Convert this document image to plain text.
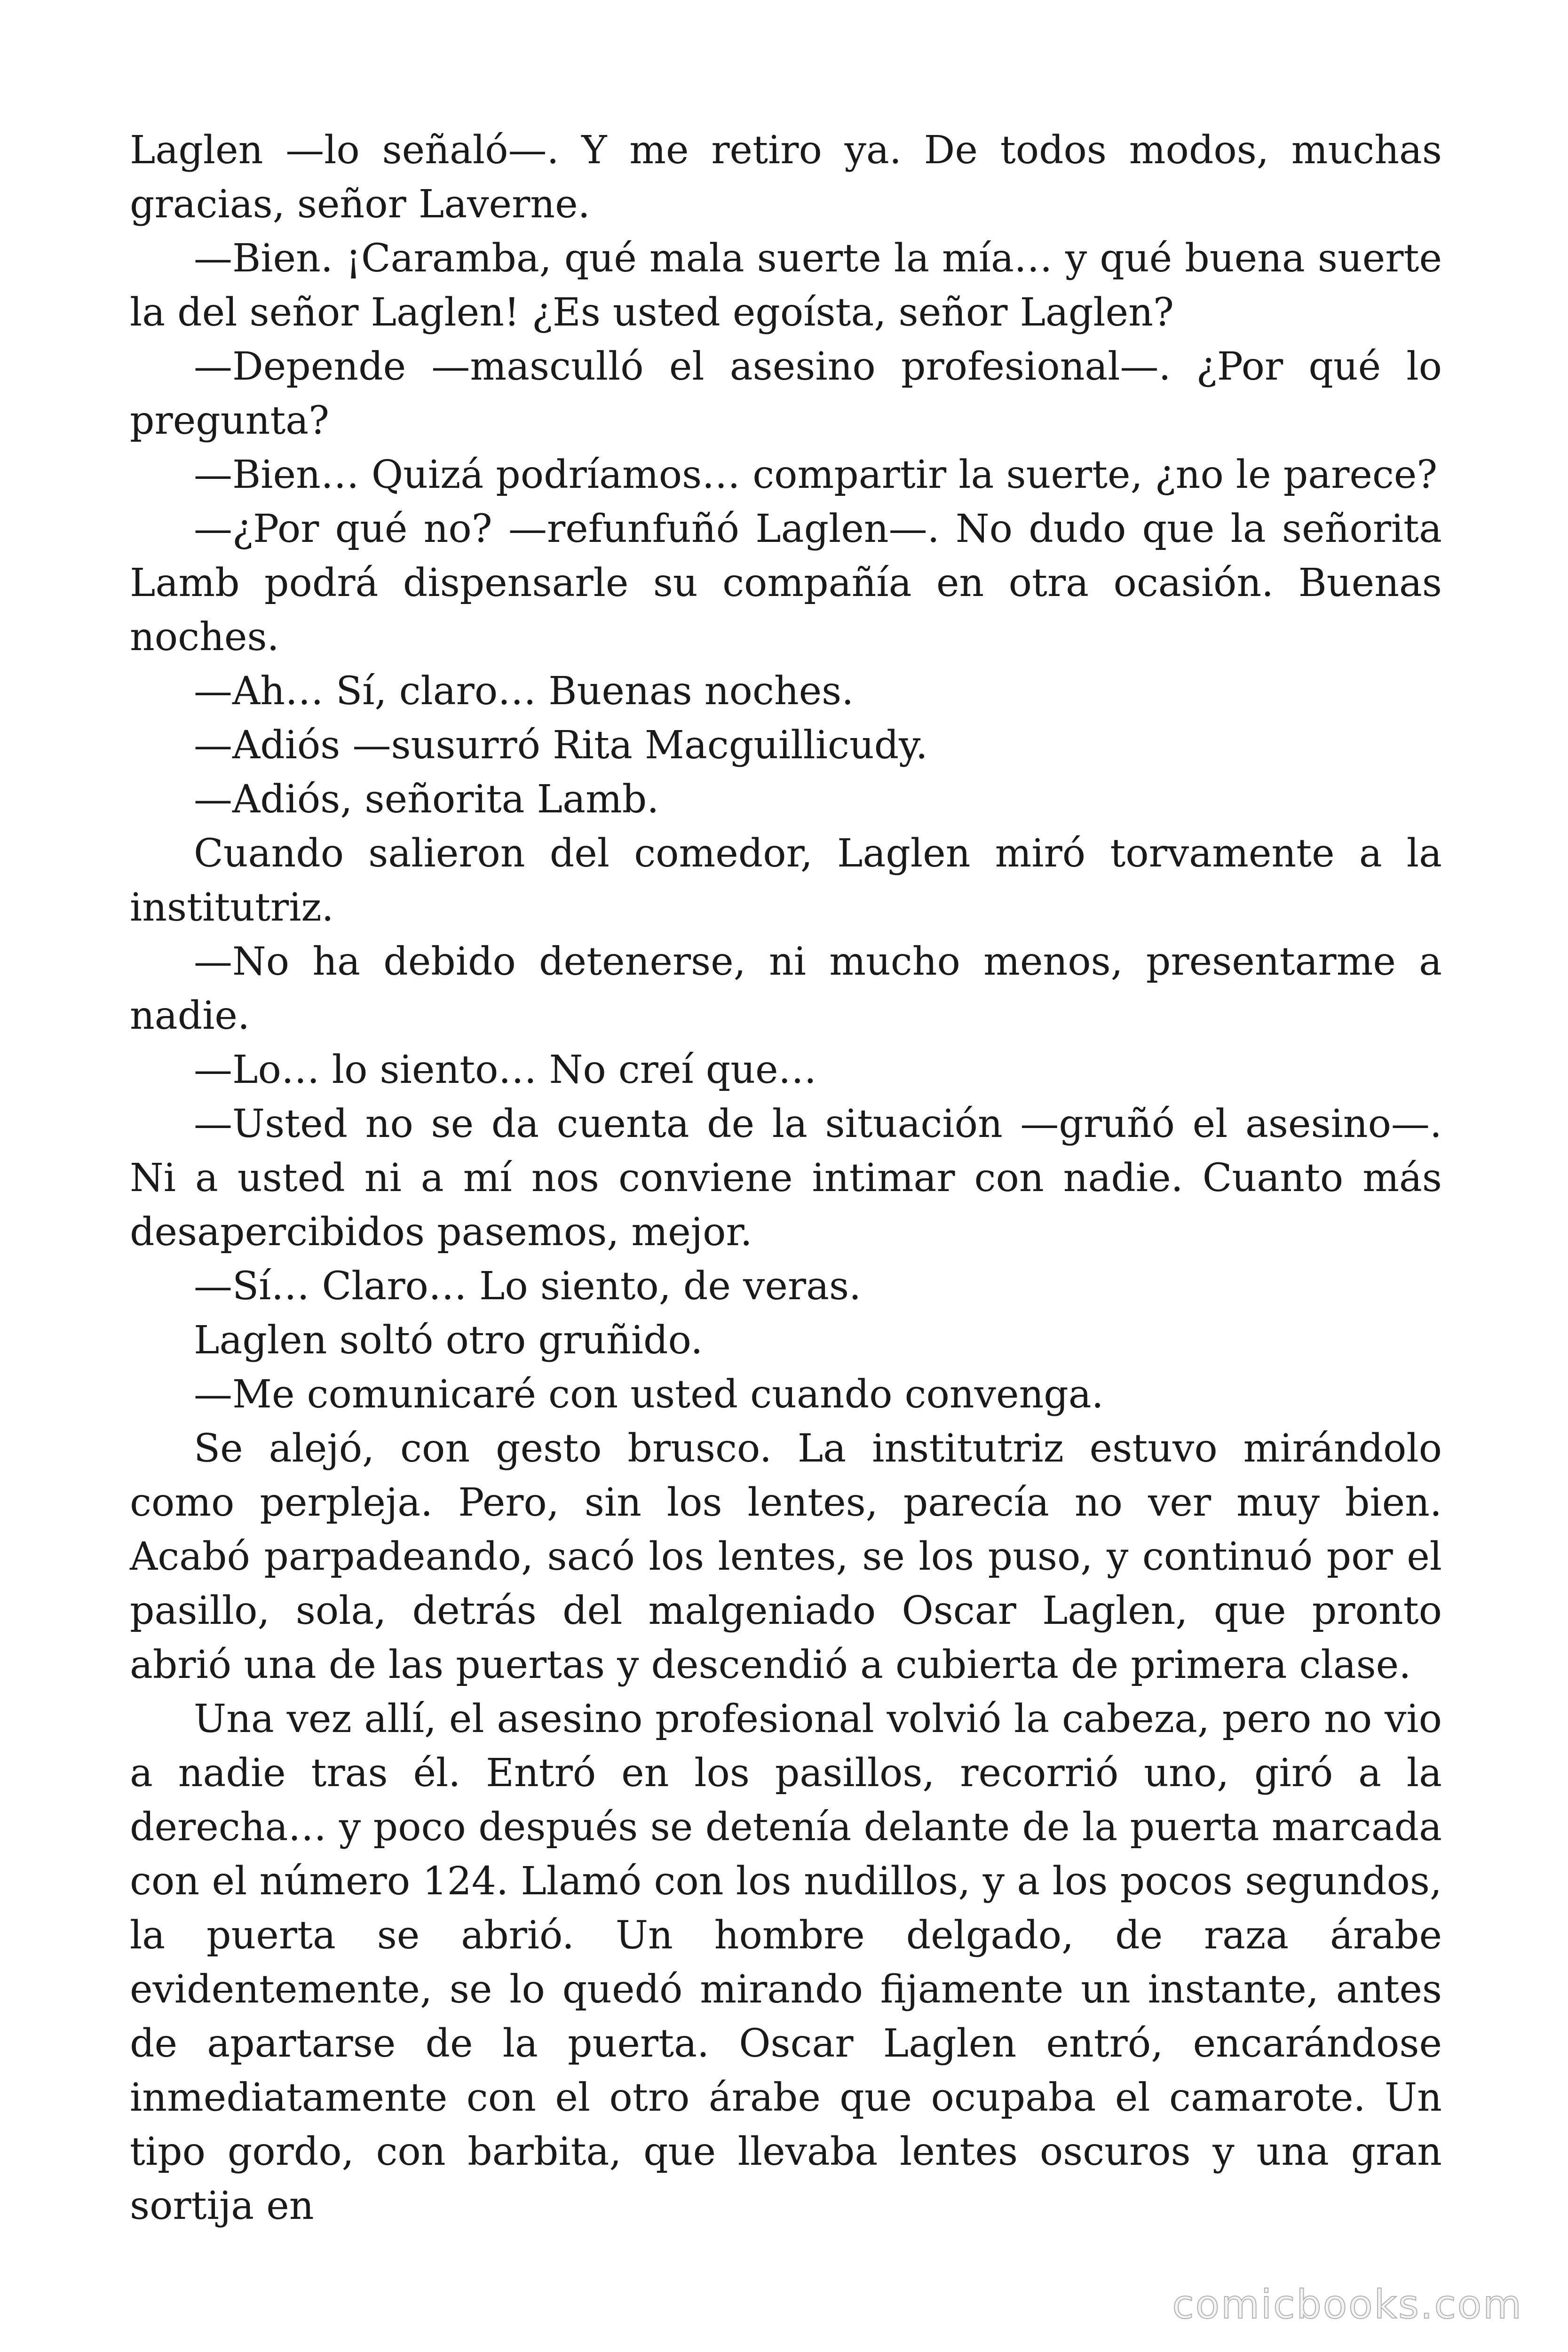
Laglen —lo señaló—. Y me retiro ya. De todos modos, muchas gracias, señor Laverne.

—Bien. ¡Caramba, qué mala suerte la mía… y qué buena suerte la del señor Laglen! ¿Es usted egoísta, señor Laglen?

—Depende —masculló el asesino profesional—. ¿Por qué lo pregunta?

—Bien… Quizá podríamos… compartir la suerte, ¿no le parece?

—¿Por qué no? —refunfuñó Laglen—. No dudo que la señorita Lamb podrá dispensarle su compañía en otra ocasión. Buenas noches.

—Ah… Sí, claro… Buenas noches.

—Adiós —susurró Rita Macguillicudy.

—Adiós, señorita Lamb.

Cuando salieron del comedor, Laglen miró torvamente a la institutriz.

—No ha debido detenerse, ni mucho menos, presentarme a nadie.

—Lo… lo siento… No creí que…

—Usted no se da cuenta de la situación —gruñó el asesino—. Ni a usted ni a mí nos conviene intimar con nadie. Cuanto más desapercibidos pasemos, mejor.

—Sí… Claro… Lo siento, de veras.

Laglen soltó otro gruñido.

—Me comunicaré con usted cuando convenga.

Se alejó, con gesto brusco. La institutriz estuvo mirándolo como perpleja. Pero, sin los lentes, parecía no ver muy bien. Acabó parpadeando, sacó los lentes, se los puso, y continuó por el pasillo, sola, detrás del malgeniado Oscar Laglen, que pronto abrió una de las puertas y descendió a cubierta de primera clase.

Una vez allí, el asesino profesional volvió la cabeza, pero no vio a nadie tras él. Entró en los pasillos, recorrió uno, giró a la derecha… y poco después se detenía delante de la puerta marcada con el número 124. Llamó con los nudillos, y a los pocos segundos, la puerta se abrió. Un hombre delgado, de raza árabe evidentemente, se lo quedó mirando fijamente un instante, antes de apartarse de la puerta. Oscar Laglen entró, encarándose inmediatamente con el otro árabe que ocupaba el camarote. Un tipo gordo, con barbita, que llevaba lentes oscuros y una gran sortija en

comicbooks.com
